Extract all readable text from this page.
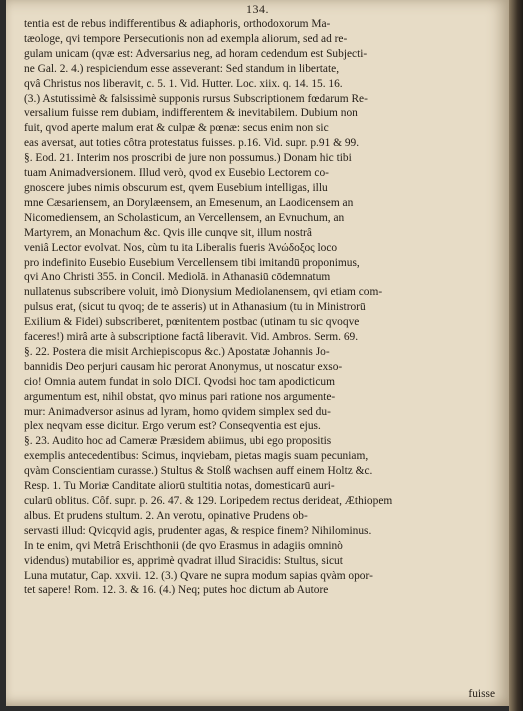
134.
tentia est de rebus indifferentibus & adiaphoris, orthodoxorum Ma-
tæologe, qvi tempore Persecutionis non ad exempla aliorum, sed ad re-
gulam unicam (qvæ est: Adversarius neg, ad horam cedendum est Subjecti-
ne Gal. 2. 4.) respiciendum esse asseverant: Sed standum in libertate,
qvâ Christus nos liberavit, c. 5. 1. Vid. Hutter. Loc. xiix. q. 14. 15. 16.
(3.) Astutissimè & falsissimè supponis rursus Subscriptionem fœdarum Re-
versalium fuisse rem dubiam, indifferentem & inevitabilem. Dubium non
fuit, qvod aperte malum erat & culpæ & pœnæ: secus enim non sic
eas aversat, aut toties côtra protestatus fuisses. p.16. Vid. supr. p.91 & 99.
§. Eod. 21. Interim nos proscribi de jure non possumus.) Donam hic tibi
tuam Animadversionem. Illud verò, qvod ex Eusebio Lectorem co-
gnoscere jubes nimis obscurum est, qvem Eusebium intelligas, illu
mne Cæsariensem, an Dorylæensem, an Emesenum, an Laodicensem an
Nicomediensem, an Scholasticum, an Vercellensem, an Evnuchum, an
Martyrem, an Monachum &c. Qvis ille cunqve sit, illum nostrâ
veniâ Lector evolvat. Nos, cùm tu ita Liberalis fueris Ἀνώδοξος loco
pro indefinito Eusebio Eusebium Vercellensem tibi imitandū proponimus,
qvi Ano Christi 355. in Concil. Mediolā. in Athanasiū cōdemnatum
nullatenus subscribere voluit, imò Dionysium Mediolanensem, qvi etiam com-
pulsus erat, (sicut tu qvoq; de te asseris) ut in Athanasium (tu in Ministrorū
Exilium & Fidei) subscriberet, pœnitentem postbac (utinam tu sic qvoqve
faceres!) mirâ arte à subscriptione factâ liberavit. Vid. Ambros. Serm. 69.
§. 22. Postera die misit Archiepiscopus &c.) Apostatæ Johannis Jo-
bannidis Deo perjuri causam hic perorat Anonymus, ut noscatur exso-
cio! Omnia autem fundat in solo DICI. Qvodsi hoc tam apodicticum
argumentum est, nihil obstat, qvo minus pari ratione nos argumente-
mur: Animadversor asinus ad lyram, homo qvidem simplex sed du-
plex neqvam esse dicitur. Ergo verum est? Conseqventia est ejus.
§. 23. Audito hoc ad Cameræ Præsidem abiimus, ubi ego propositis
exemplis antecedentibus: Scimus, inqviebam, pietas magis suam pecuniam,
qvàm Conscientiam curasse.) Stultus & Stolß wachsen auff einem Holtz &c.
Resp. 1. Tu Moriæ Canditate aliorū stultitia notas, domesticarū auri-
cularū oblitus. Côf. supr. p. 26. 47. & 129. Loripedem rectus derideat, Æthiopem
albus. Et prudens stultum. 2. An verotu, opinative Prudens ob-
servasti illud: Qvicqvid agis, prudenter agas, & respice finem? Nihilominus.
In te enim, qvi Metrâ Erischthonii (de qvo Erasmus in adagiis omninò
videndus) mutabilior es, apprimè qvadrat illud Siracidis: Stultus, sicut
Luna mutatur, Cap. xxvii. 12. (3.) Qvare ne supra modum sapias qvàm opor-
tet sapere! Rom. 12. 3. & 16. (4.) Neq; putes hoc dictum ab Autore
fuisse
